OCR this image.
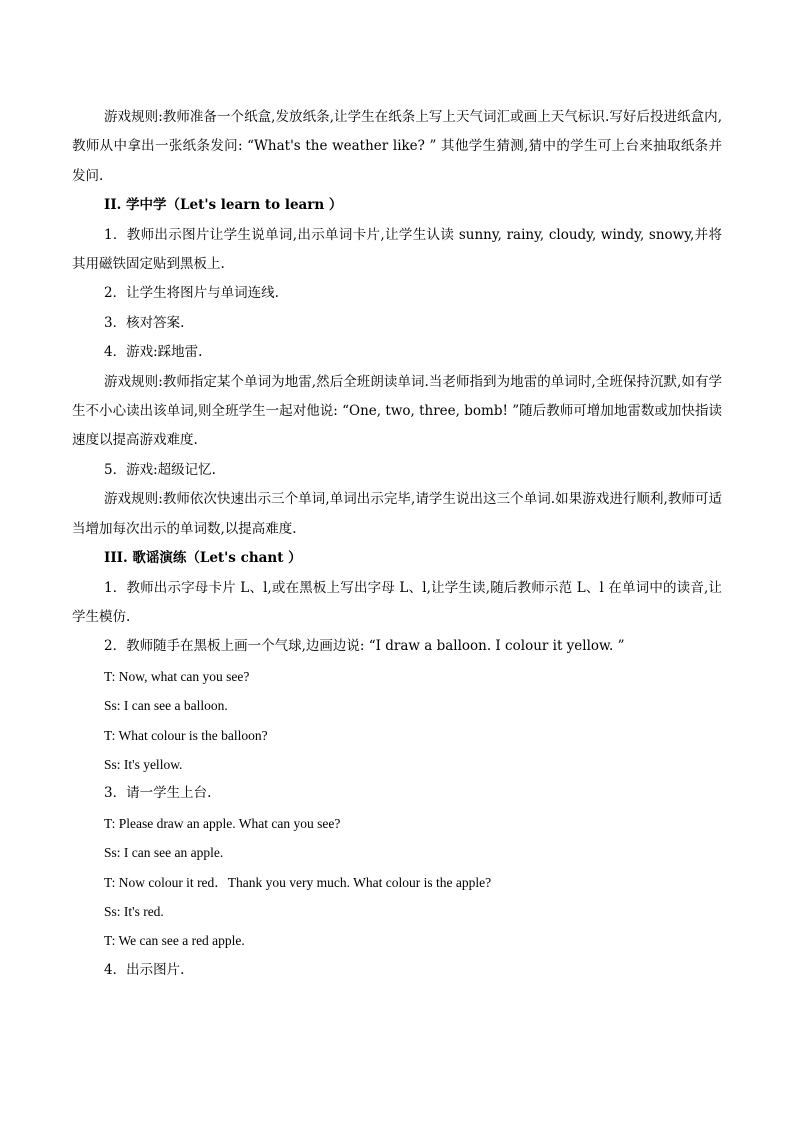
游戏规则:教师准备一个纸盒,发放纸条,让学生在纸条上写上天气词汇或画上天气标识.写好后投进纸盒内,教师从中拿出一张纸条发问: “What's the weather like? ” 其他学生猜测,猜中的学生可上台来抽取纸条并发问.

II. 学中学（Let's learn to learn ）

1．教师出示图片让学生说单词,出示单词卡片,让学生认读 sunny, rainy, cloudy, windy, snowy,并将其用磁铁固定贴到黑板上.

2．让学生将图片与单词连线.

3．核对答案.

4．游戏:踩地雷.

游戏规则:教师指定某个单词为地雷,然后全班朗读单词.当老师指到为地雷的单词时,全班保持沉默,如有学生不小心读出该单词,则全班学生一起对他说: “One, two, three, bomb! ”随后教师可增加地雷数或加快指读速度以提高游戏难度.

5．游戏:超级记忆.

游戏规则:教师依次快速出示三个单词,单词出示完毕,请学生说出这三个单词.如果游戏进行顺利,教师可适当增加每次出示的单词数,以提高难度.

III. 歌谣演练（Let's chant ）

1．教师出示字母卡片 L、l,或在黑板上写出字母 L、l,让学生读,随后教师示范 L、l 在单词中的读音,让学生模仿.

2．教师随手在黑板上画一个气球,边画边说: “I draw a balloon. I colour it yellow. ”

T: Now, what can you see?

Ss: I can see a balloon.

T: What colour is the balloon?

Ss: It's yellow.

3．请一学生上台.

T: Please draw an apple. What can you see?

Ss: I can see an apple.

T: Now colour it red．Thank you very much. What colour is the apple?

Ss: It's red.

T: We can see a red apple.

4．出示图片.
